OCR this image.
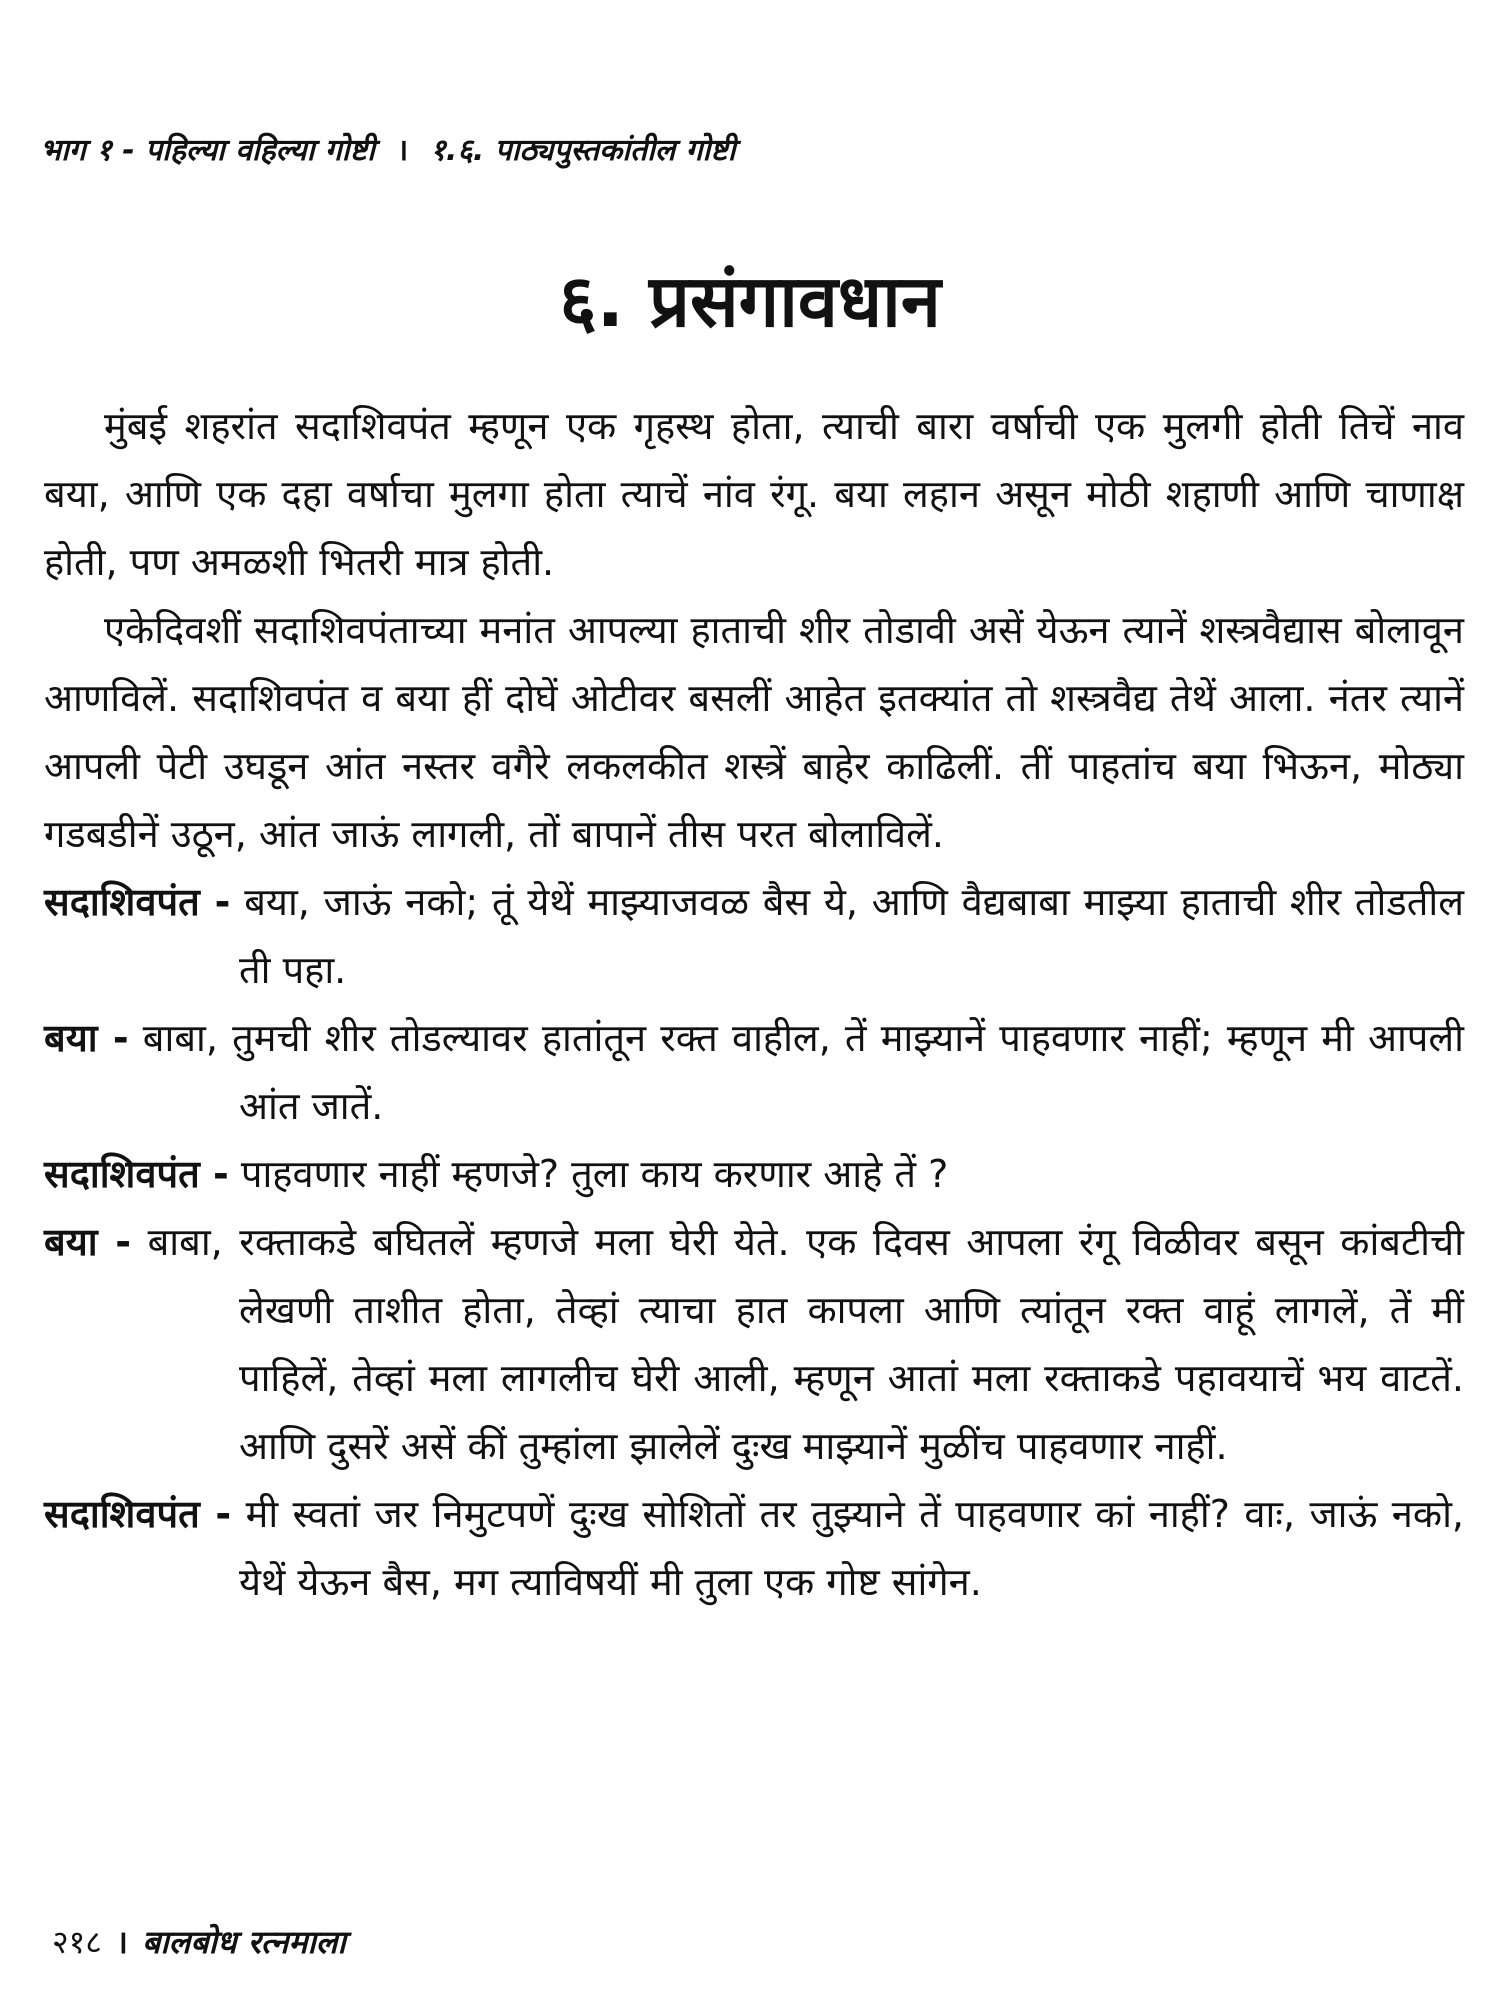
भाग १ - पहिल्या वहिल्या गोष्टी । १.६. पाठ्यपुस्तकांतील गोष्टी
६. प्रसंगावधान

मुंबई शहरांत सदाशिवपंत म्हणून एक गृहस्थ होता, त्याची बारा वर्षाची एक मुलगी होती तिचें नाव बया, आणि एक दहा वर्षाचा मुलगा होता त्याचें नांव रंगू. बया लहान असून मोठी शहाणी आणि चाणाक्ष होती, पण अमळशी भितरी मात्र होती.

एकेदिवशीं सदाशिवपंताच्या मनांत आपल्या हाताची शीर तोडावी असें येऊन त्यानें शस्त्रवैद्यास बोलावून आणविलें. सदाशिवपंत व बया हीं दोघें ओटीवर बसलीं आहेत इतक्यांत तो शस्त्रवैद्य तेथें आला. नंतर त्यानें आपली पेटी उघडून आंत नस्तर वगैरे लकलकीत शस्त्रें बाहेर काढिलीं. तीं पाहतांच बया भिऊन, मोठ्या गडबडीनें उठून, आंत जाऊं लागली, तों बापानें तीस परत बोलाविलें.

सदाशिवपंत - बया, जाऊं नको; तूं येथें माझ्याजवळ बैस ये, आणि वैद्यबाबा माझ्या हाताची शीर तोडतील ती पहा.

बया - बाबा, तुमची शीर तोडल्यावर हातांतून रक्त वाहील, तें माझ्यानें पाहवणार नाहीं; म्हणून मी आपली आंत जातें.

सदाशिवपंत - पाहवणार नाहीं म्हणजे? तुला काय करणार आहे तें ?

बया - बाबा, रक्ताकडे बघितलें म्हणजे मला घेरी येते. एक दिवस आपला रंगू विळीवर बसून कांबटीची लेखणी ताशीत होता, तेव्हां त्याचा हात कापला आणि त्यांतून रक्त वाहूं लागलें, तें मीं पाहिलें, तेव्हां मला लागलीच घेरी आली, म्हणून आतां मला रक्ताकडे पहावयाचें भय वाटतें. आणि दुसरें असें कीं तुम्हांला झालेलें दुःख माझ्यानें मुळींच पाहवणार नाहीं.

सदाशिवपंत - मी स्वतां जर निमुटपणें दुःख सोशितों तर तुझ्याने तें पाहवणार कां नाहीं? वाः, जाऊं नको, येथें येऊन बैस, मग त्याविषयीं मी तुला एक गोष्ट सांगेन.

२१८ । बालबोध रत्नमाला
